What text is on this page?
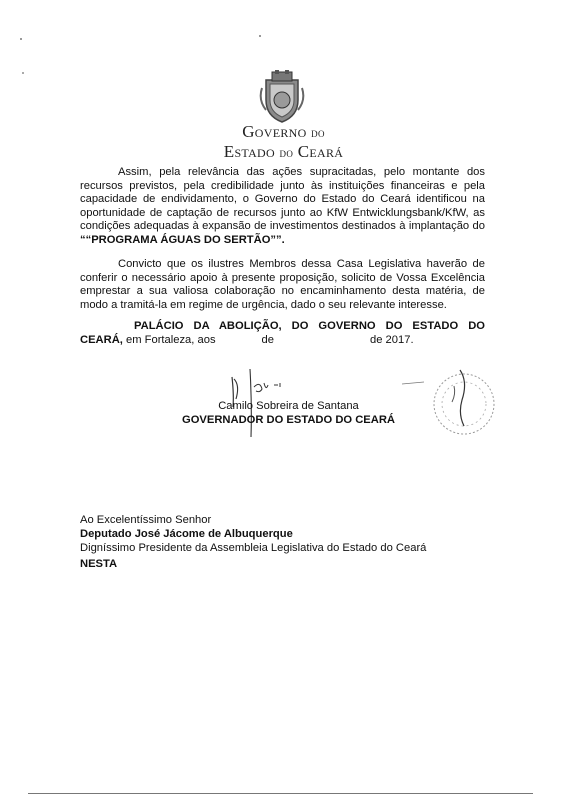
Governo do
Estado do Ceará
Assim, pela relevância das ações supracitadas, pelo montante dos recursos previstos, pela credibilidade junto às instituições financeiras e pela capacidade de endividamento, o Governo do Estado do Ceará identificou na oportunidade de captação de recursos junto ao KfW Entwicklungsbank/KfW, as condições adequadas à expansão de investimentos destinados à implantação do ““PROGRAMA ÁGUAS DO SERTÃO””.
Convicto que os ilustres Membros dessa Casa Legislativa haverão de conferir o necessário apoio à presente proposição, solicito de Vossa Excelência emprestar a sua valiosa colaboração no encaminhamento desta matéria, de modo a tramitá-la em regime de urgência, dado o seu relevante interesse.
PALÁCIO DA ABOLIÇÃO, DO GOVERNO DO ESTADO DO
CEARÁ, em Fortaleza, aos	de	de 2017.
Camilo Sobreira de Santana
GOVERNADOR DO ESTADO DO CEARÁ
Ao Excelentíssimo Senhor
Deputado José Jácome de Albuquerque
Digníssimo Presidente da Assembleia Legislativa do Estado do Ceará
NESTA
